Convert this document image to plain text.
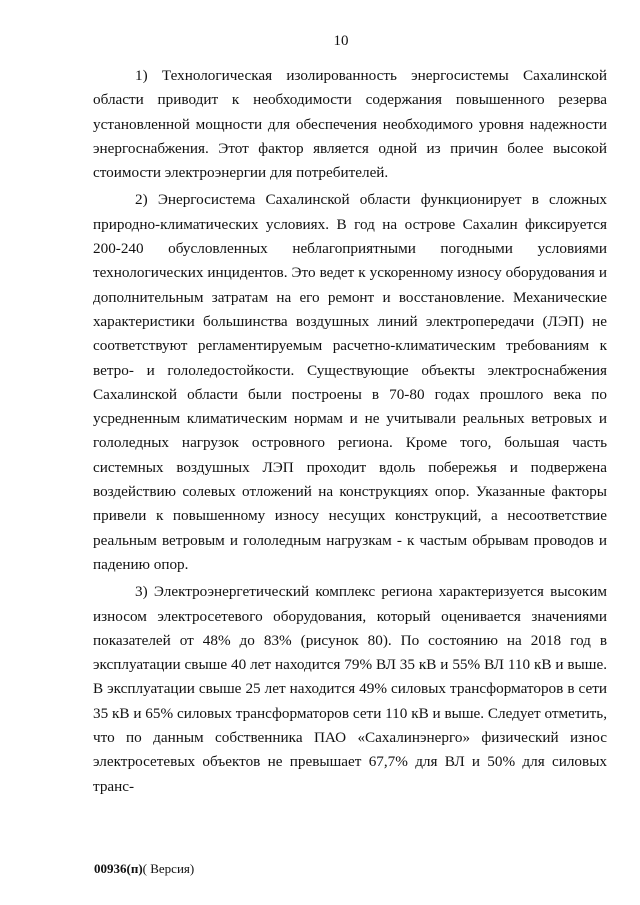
10

1) Технологическая изолированность энергосистемы Сахалинской области приводит к необходимости содержания повышенного резерва установленной мощности для обеспечения необходимого уровня надежности энергоснабжения. Этот фактор является одной из причин более высокой стоимости электроэнергии для потребителей.

2) Энергосистема Сахалинской области функционирует в сложных природно-климатических условиях. В год на острове Сахалин фиксируется 200-240 обусловленных неблагоприятными погодными условиями технологических инцидентов. Это ведет к ускоренному износу оборудования и дополнительным затратам на его ремонт и восстановление. Механические характеристики большинства воздушных линий электропередачи (ЛЭП) не соответствуют регламентируемым расчетно-климатическим требованиям к ветро- и гололедостойкости. Существующие объекты электроснабжения Сахалинской области были построены в 70-80 годах прошлого века по усредненным климатическим нормам и не учитывали реальных ветровых и гололедных нагрузок островного региона. Кроме того, большая часть системных воздушных ЛЭП проходит вдоль побережья и подвержена воздействию солевых отложений на конструкциях опор. Указанные факторы привели к повышенному износу несущих конструкций, а несоответствие реальным ветровым и гололедным нагрузкам - к частым обрывам проводов и падению опор.

3) Электроэнергетический комплекс региона характеризуется высоким износом электросетевого оборудования, который оценивается значениями показателей от 48% до 83% (рисунок 80). По состоянию на 2018 год в эксплуатации свыше 40 лет находится 79% ВЛ 35 кВ и 55% ВЛ 110 кВ и выше. В эксплуатации свыше 25 лет находится 49% силовых трансформаторов в сети 35 кВ и 65% силовых трансформаторов сети 110 кВ и выше. Следует отметить, что по данным собственника ПАО «Сахалинэнерго» физический износ электросетевых объектов не превышает 67,7% для ВЛ и 50% для силовых транс-

00936(п)( Версия)
